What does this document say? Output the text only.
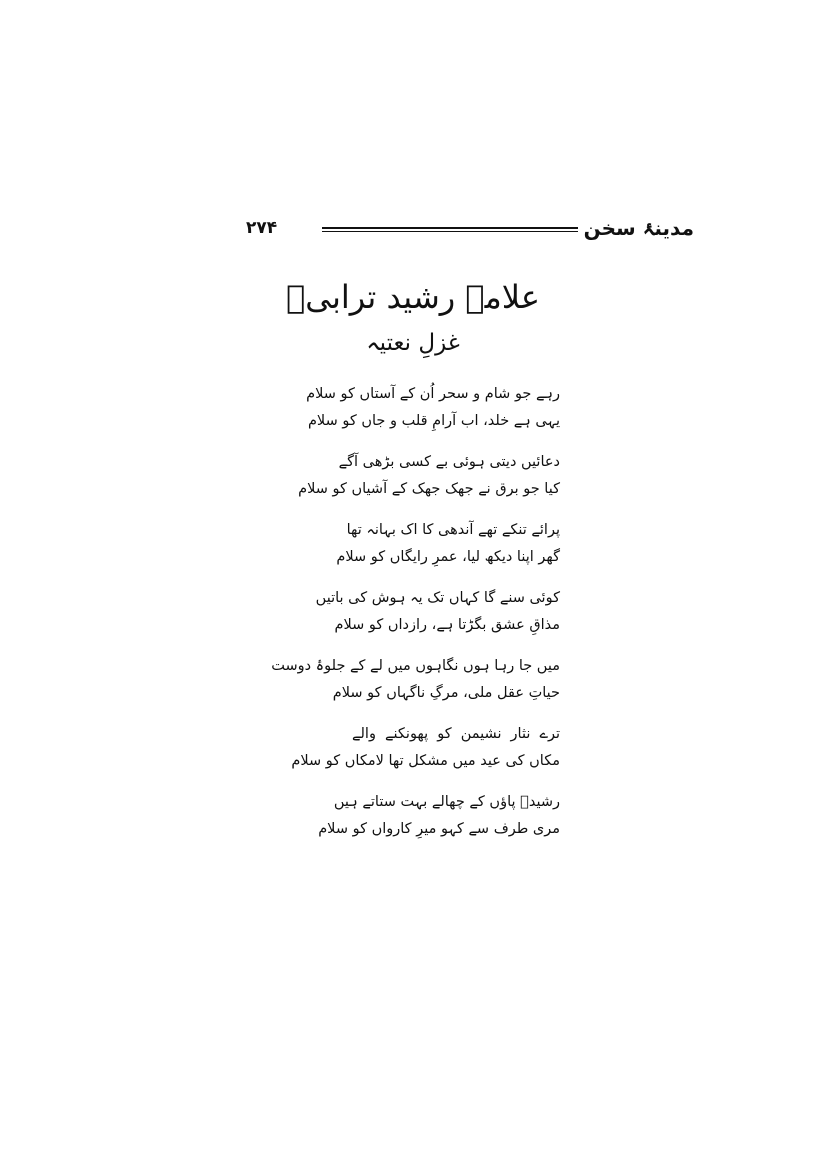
مدینۂ سخن
۲۷۴
علامہ رشید ترابیؒ
غزلِ نعتیہ
رہے جو شام و سحر اُن کے آستاں کو سلام
یہی ہے خلد، اب آرامِ قلب و جاں کو سلام
دعائیں دیتی ہوئی بے کسی بڑھی آگے
کیا جو برق نے جھک جھک کے آشیاں کو سلام
پرائے تنکے تھے آندھی کا اک بہانہ تھا
گھر اپنا دیکھ لیا، عمرِ رایگاں کو سلام
کوئی سنے گا کہاں تک یہ ہوش کی باتیں
مذاقِ عشق بگڑتا ہے، رازداں کو سلام
میں جا رہا ہوں نگاہوں میں لے کے جلوۂ دوست
حیاتِ عقل ملی، مرگِ ناگہاں کو سلام
ترے نثار نشیمن کو پھونکنے والے
مکاں کی عید میں مشکل تھا لامکاں کو سلام
رشیدؔ پاؤں کے چھالے بہت ستاتے ہیں
مری طرف سے کہو میرِ کارواں کو سلام
